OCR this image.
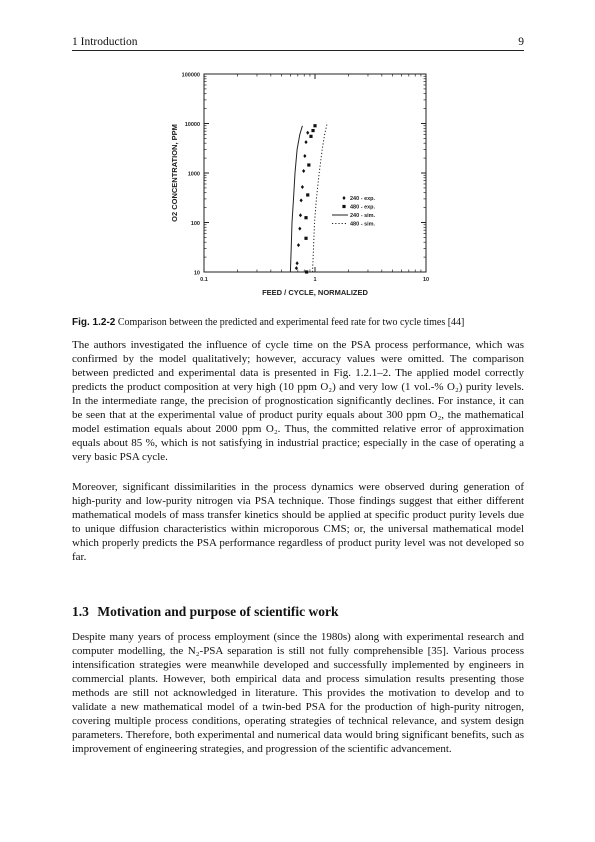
1 Introduction	9
10
100
1000
10000
100000
0.1	1	10
FEED / CYCLE, NORMALIZED
O2 CONCENTRATION, PPM	240 - exp.
480 - exp.
240 - sim.
480 - sim.
Fig. 1.2-2 Comparison between the predicted and experimental feed rate for two cycle times [44]

The authors investigated the influence of cycle time on the PSA process performance, which was confirmed by the model qualitatively; however, accuracy values were omitted. The comparison between predicted and experimental data is presented in Fig. 1.2.1–2. The applied model correctly predicts the product composition at very high (10 ppm O₂) and very low (1 vol.-% O₂) purity levels. In the intermediate range, the precision of prognostication significantly declines. For instance, it can be seen that at the experimental value of product purity equals about 300 ppm O₂, the mathematical model estimation equals about 2000 ppm O₂. Thus, the committed relative error of approximation equals about 85 %, which is not satisfying in industrial practice; especially in the case of operating a very basic PSA cycle.

Moreover, significant dissimilarities in the process dynamics were observed during generation of high-purity and low-purity nitrogen via PSA technique. Those findings suggest that either different mathematical models of mass transfer kinetics should be applied at specific product purity levels due to unique diffusion characteristics within microporous CMS; or, the universal mathematical model which properly predicts the PSA performance regardless of product purity level was not developed so far.

1.3 Motivation and purpose of scientific work

Despite many years of process employment (since the 1980s) along with experimental research and computer modelling, the N₂-PSA separation is still not fully comprehensible [35]. Various process intensification strategies were meanwhile developed and successfully implemented by engineers in commercial plants. However, both empirical data and process simulation results presenting those methods are still not acknowledged in literature. This provides the motivation to develop and to validate a new mathematical model of a twin-bed PSA for the production of high-purity nitrogen, covering multiple process conditions, operating strategies of technical relevance, and system design parameters. Therefore, both experimental and numerical data would bring significant benefits, such as improvement of engineering strategies, and progression of the scientific advancement.
